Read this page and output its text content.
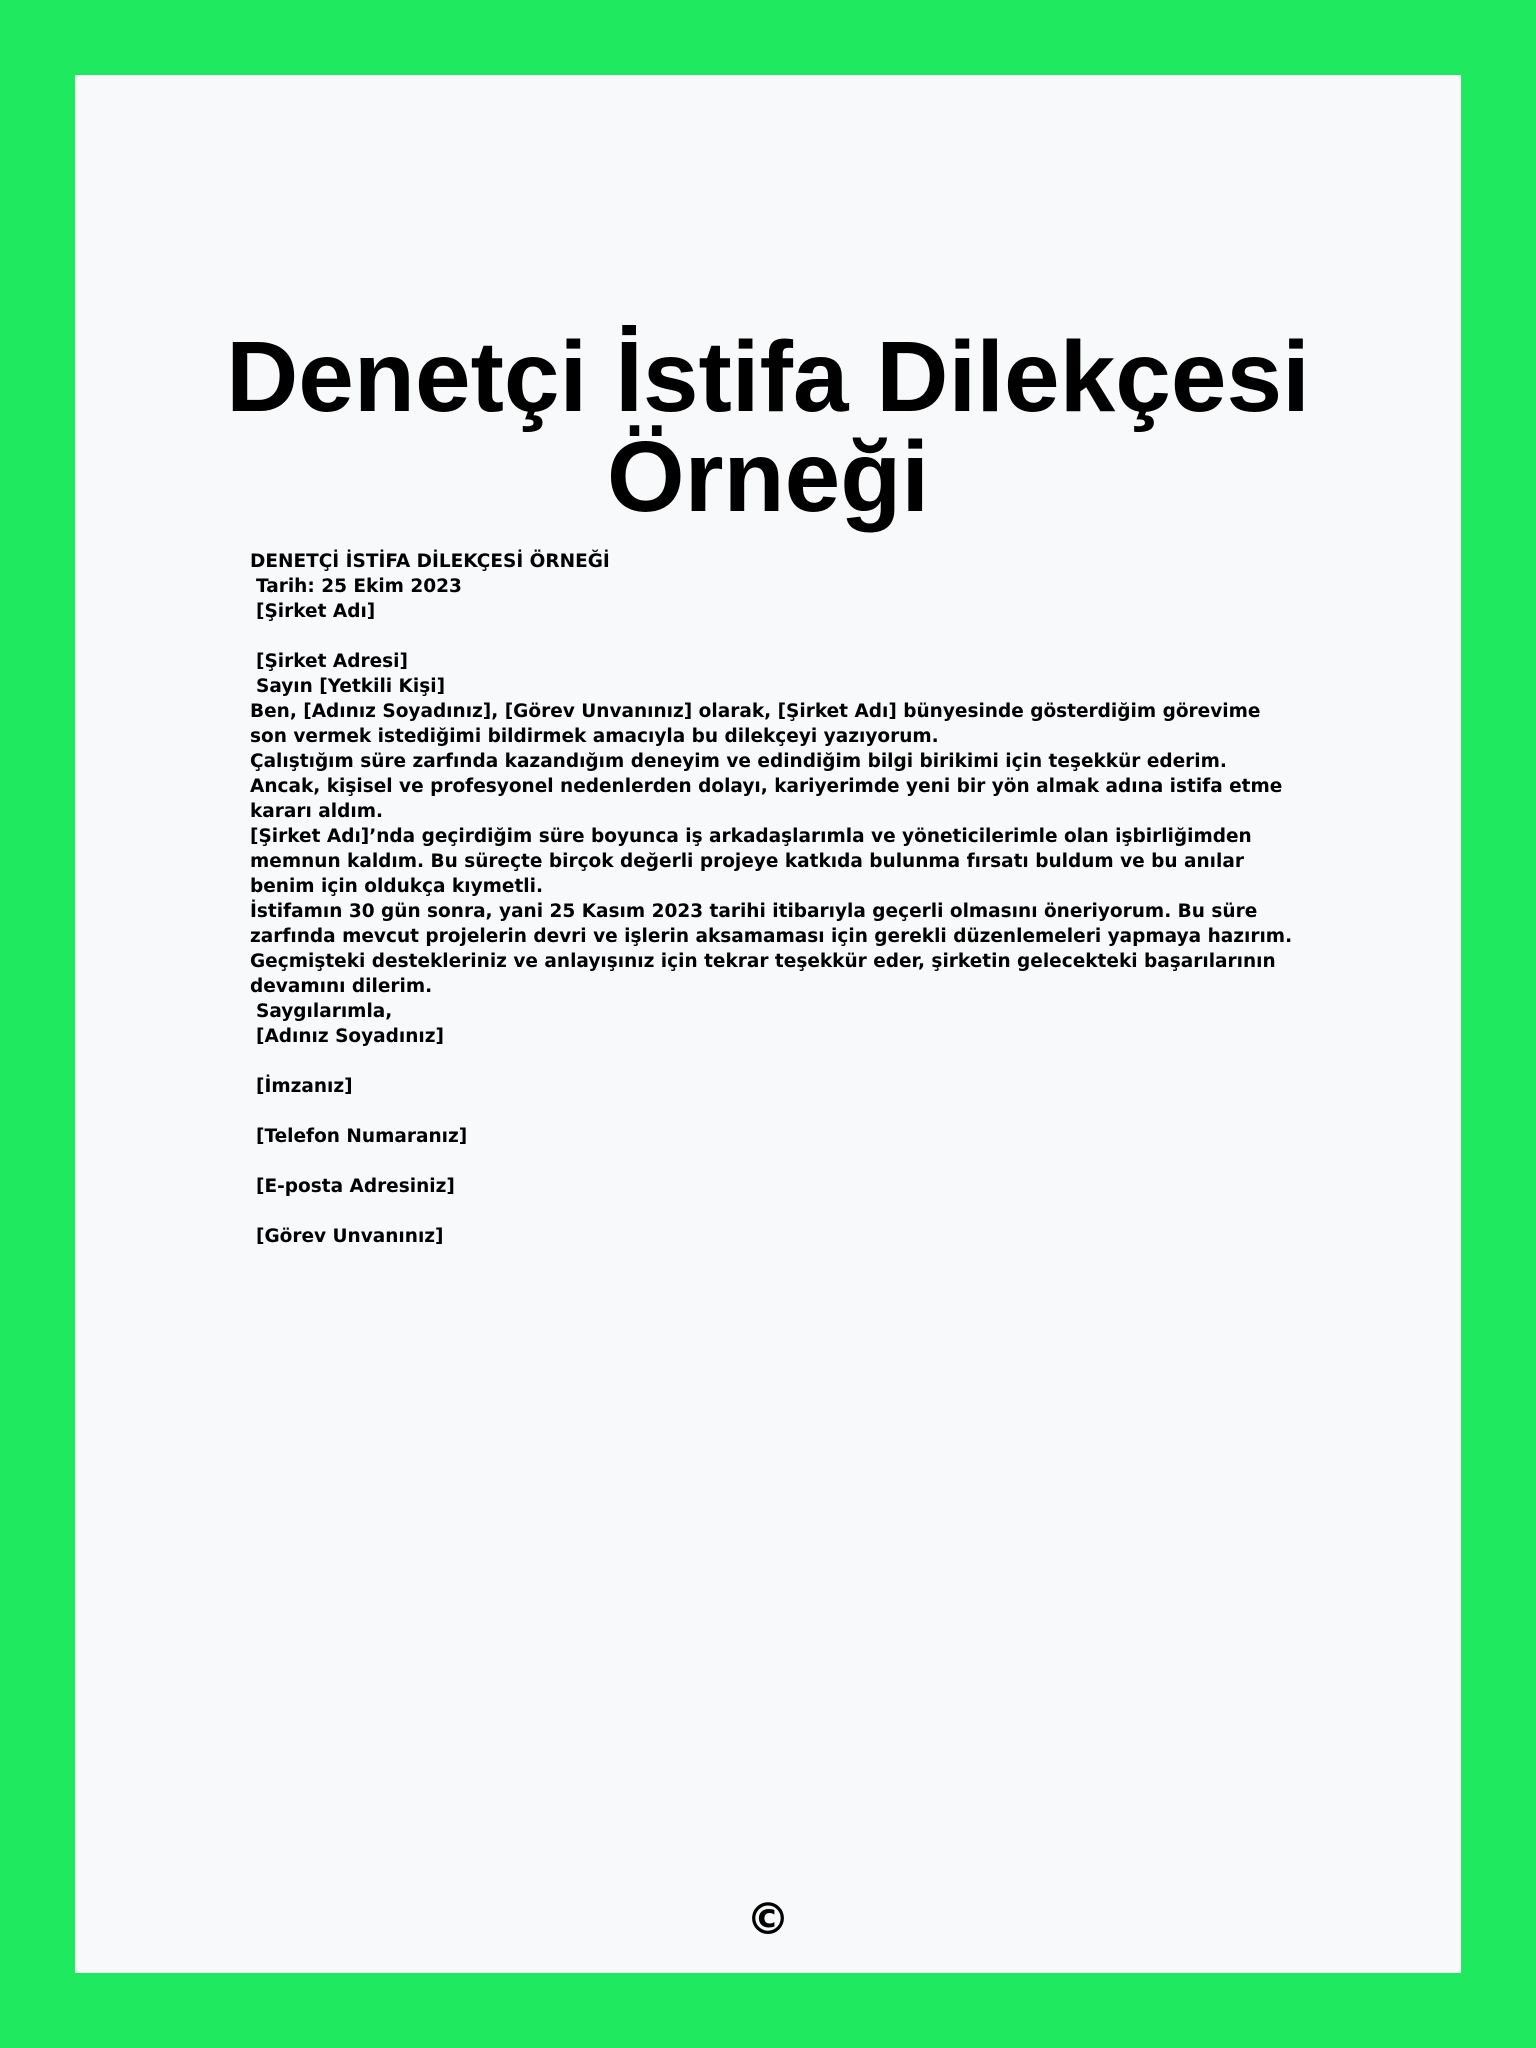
Denetçi İstifa Dilekçesi Örneği
DENETÇİ İSTİFA DİLEKÇESİ ÖRNEĞİ
Tarih: 25 Ekim 2023
[Şirket Adı]
[Şirket Adresi]
Sayın [Yetkili Kişi]
Ben, [Adınız Soyadınız], [Görev Unvanınız] olarak, [Şirket Adı] bünyesinde gösterdiğim görevime son vermek istediğimi bildirmek amacıyla bu dilekçeyi yazıyorum.
Çalıştığım süre zarfında kazandığım deneyim ve edindiğim bilgi birikimi için teşekkür ederim. Ancak, kişisel ve profesyonel nedenlerden dolayı, kariyerimde yeni bir yön almak adına istifa etme kararı aldım.
[Şirket Adı]’nda geçirdiğim süre boyunca iş arkadaşlarımla ve yöneticilerimle olan işbirliğimden memnun kaldım. Bu süreçte birçok değerli projeye katkıda bulunma fırsatı buldum ve bu anılar benim için oldukça kıymetli.
İstifamın 30 gün sonra, yani 25 Kasım 2023 tarihi itibarıyla geçerli olmasını öneriyorum. Bu süre zarfında mevcut projelerin devri ve işlerin aksamaması için gerekli düzenlemeleri yapmaya hazırım.
Geçmişteki destekleriniz ve anlayışınız için tekrar teşekkür eder, şirketin gelecekteki başarılarının devamını dilerim.
Saygılarımla,
[Adınız Soyadınız]
[İmzanız]
[Telefon Numaranız]
[E-posta Adresiniz]
[Görev Unvanınız]
©
